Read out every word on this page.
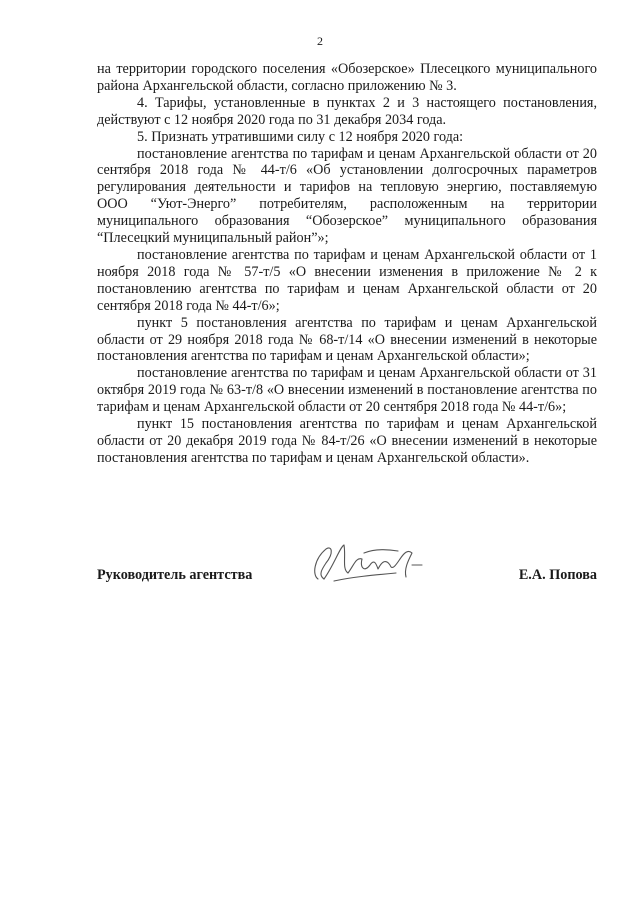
2

на территории городского поселения «Обозерское» Плесецкого муниципального района Архангельской области, согласно приложению № 3.

4. Тарифы, установленные в пунктах 2 и 3 настоящего постановления, действуют с 12 ноября 2020 года по 31 декабря 2034 года.

5. Признать утратившими силу с 12 ноября 2020 года:

постановление агентства по тарифам и ценам Архангельской области от 20 сентября 2018 года № 44-т/6 «Об установлении долгосрочных параметров регулирования деятельности и тарифов на тепловую энергию, поставляемую ООО “Уют-Энерго” потребителям, расположенным на территории муниципального образования “Обозерское” муниципального образования “Плесецкий муниципальный район”»;

постановление агентства по тарифам и ценам Архангельской области от 1 ноября 2018 года № 57-т/5 «О внесении изменения в приложение № 2 к постановлению агентства по тарифам и ценам Архангельской области от 20 сентября 2018 года № 44-т/6»;

пункт 5 постановления агентства по тарифам и ценам Архангельской области от 29 ноября 2018 года № 68-т/14 «О внесении изменений в некоторые постановления агентства по тарифам и ценам Архангельской области»;

постановление агентства по тарифам и ценам Архангельской области от 31 октября 2019 года № 63-т/8 «О внесении изменений в постановление агентства по тарифам и ценам Архангельской области от 20 сентября 2018 года № 44-т/6»;

пункт 15 постановления агентства по тарифам и ценам Архангельской области от 20 декабря 2019 года № 84-т/26 «О внесении изменений в некоторые постановления агентства по тарифам и ценам Архангельской области».

Руководитель агентства	Е.А. Попова
